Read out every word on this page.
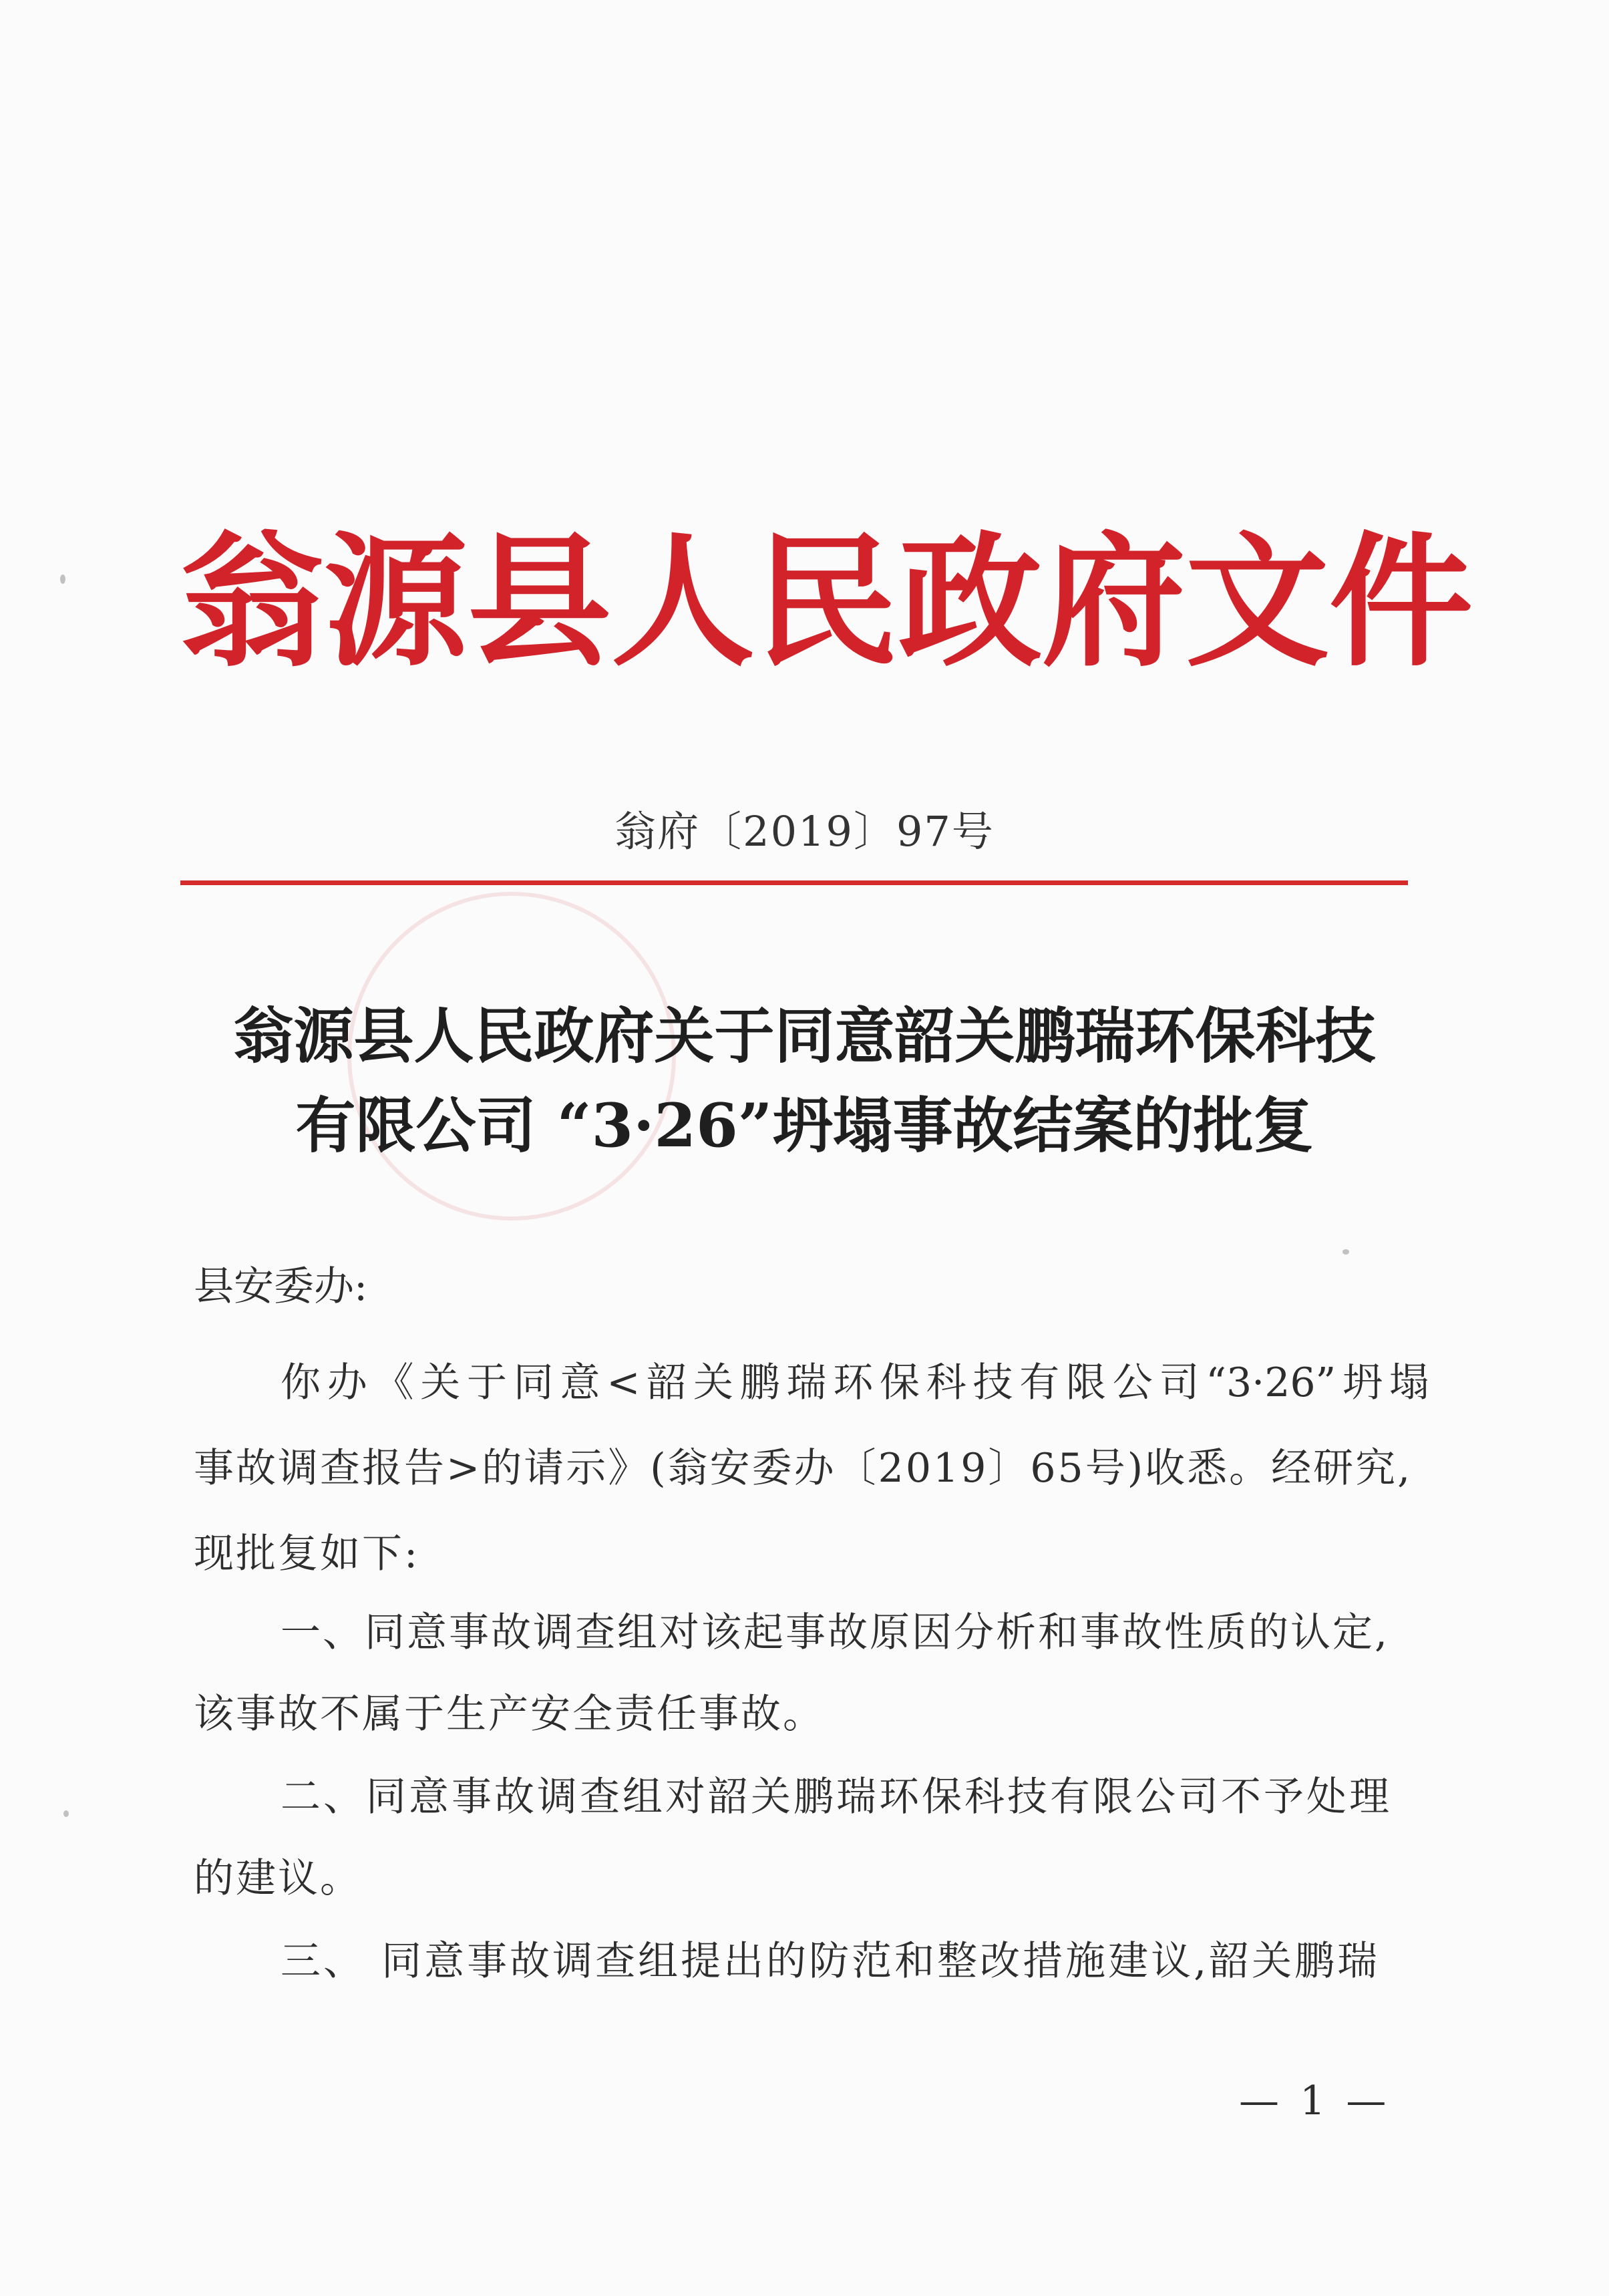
翁 源 县 人 民 政 府 文 件
翁府〔2019〕97号
翁源县人民政府关于同意韶关鹏瑞环保科技
有限公司 “3·26”坍塌事故结案的批复
县安委办:
你 办 《 关 于 同 意 < 韶 关 鹏 瑞 环 保 科 技 有 限 公 司 “3·26” 坍 塌
事故调查报告>的请示》(翁安委办〔2019〕65号)收悉。经研究,
现批复如下:
一、同意事故调查组对该起事故原因分析和事故性质的认定,
该事故不属于生产安全责任事故。
二、同意事故调查组对韶关鹏瑞环保科技有限公司不予处理
的建议。
三、 同意事故调查组提出的防范和整改措施建议,韶关鹏瑞
— 1 —
